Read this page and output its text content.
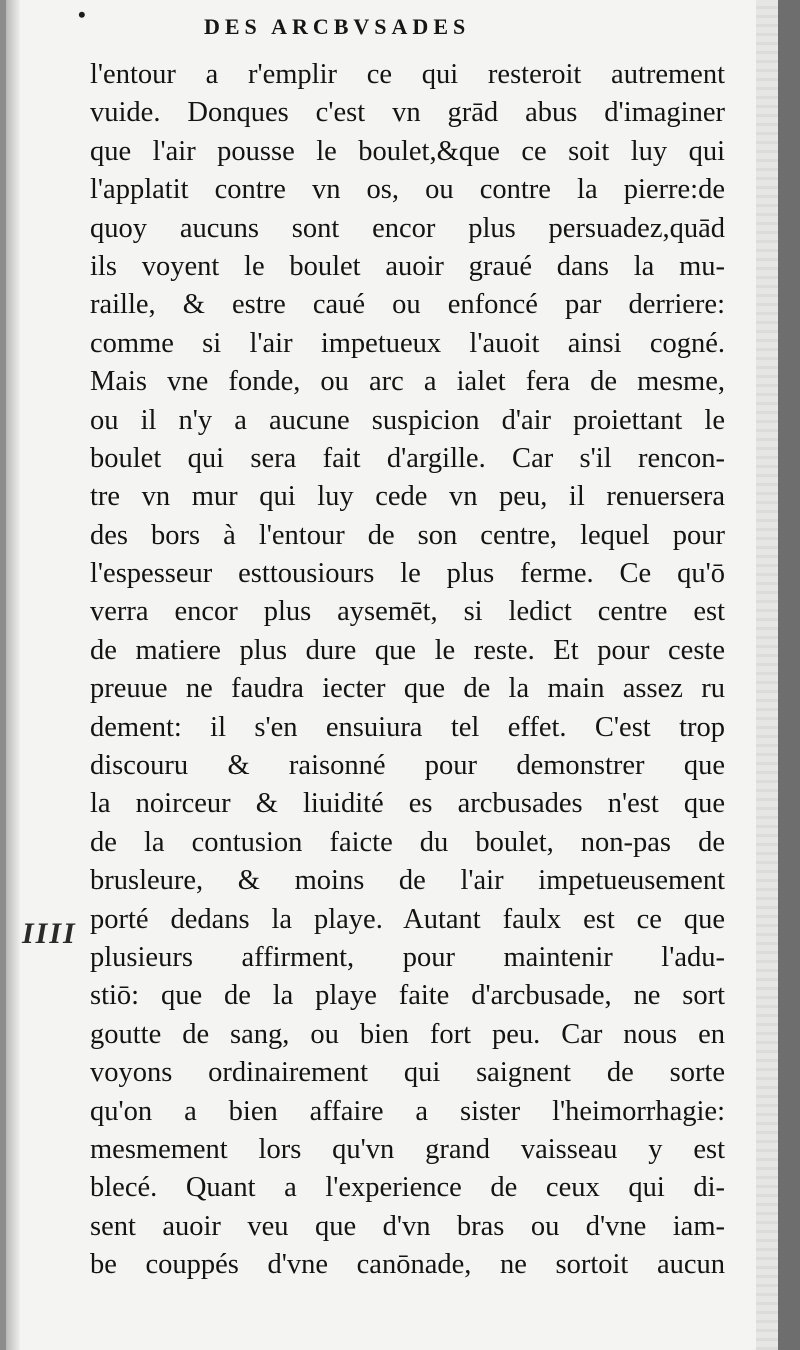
•	DES ARCBVSADES
l'entour a r'emplir ce qui resteroit autrement
vuide. Donques c'est vn grād abus d'imaginer
que l'air pousse le boulet,&que ce soit luy qui
l'applatit contre vn os, ou contre la pierre:de
quoy aucuns sont encor plus persuadez,quād
ils voyent le boulet auoir graué dans la mu-
raille, & estre caué ou enfoncé par derriere:
comme si l'air impetueux l'auoit ainsi cogné.
Mais vne fonde, ou arc a ialet fera de mesme,
ou il n'y a aucune suspicion d'air proiettant le
boulet qui sera fait d'argille. Car s'il rencon-
tre vn mur qui luy cede vn peu, il renuersera
des bors à l'entour de son centre, lequel pour
l'espesseur esttousiours le plus ferme. Ce qu'ō
verra encor plus aysemēt, si ledict centre est
de matiere plus dure que le reste. Et pour ceste
preuue ne faudra iecter que de la main assez ru
dement: il s'en ensuiura tel effet. C'est trop
discouru & raisonné pour demonstrer que
la noirceur & liuidité es arcbusades n'est que
de la contusion faicte du boulet, non-pas de
brusleure, & moins de l'air impetueusement
porté dedans la playe. Autant faulx est ce que
plusieurs affirment, pour maintenir l'adu-
stiō: que de la playe faite d'arcbusade, ne sort
goutte de sang, ou bien fort peu. Car nous en
voyons ordinairement qui saignent de sorte
qu'on a bien affaire a sister l'heimorrhagie:
mesmement lors qu'vn grand vaisseau y est
blecé. Quant a l'experience de ceux qui di-
sent auoir veu que d'vn bras ou d'vne iam-
be couppés d'vne canōnade, ne sortoit aucun
IIII
